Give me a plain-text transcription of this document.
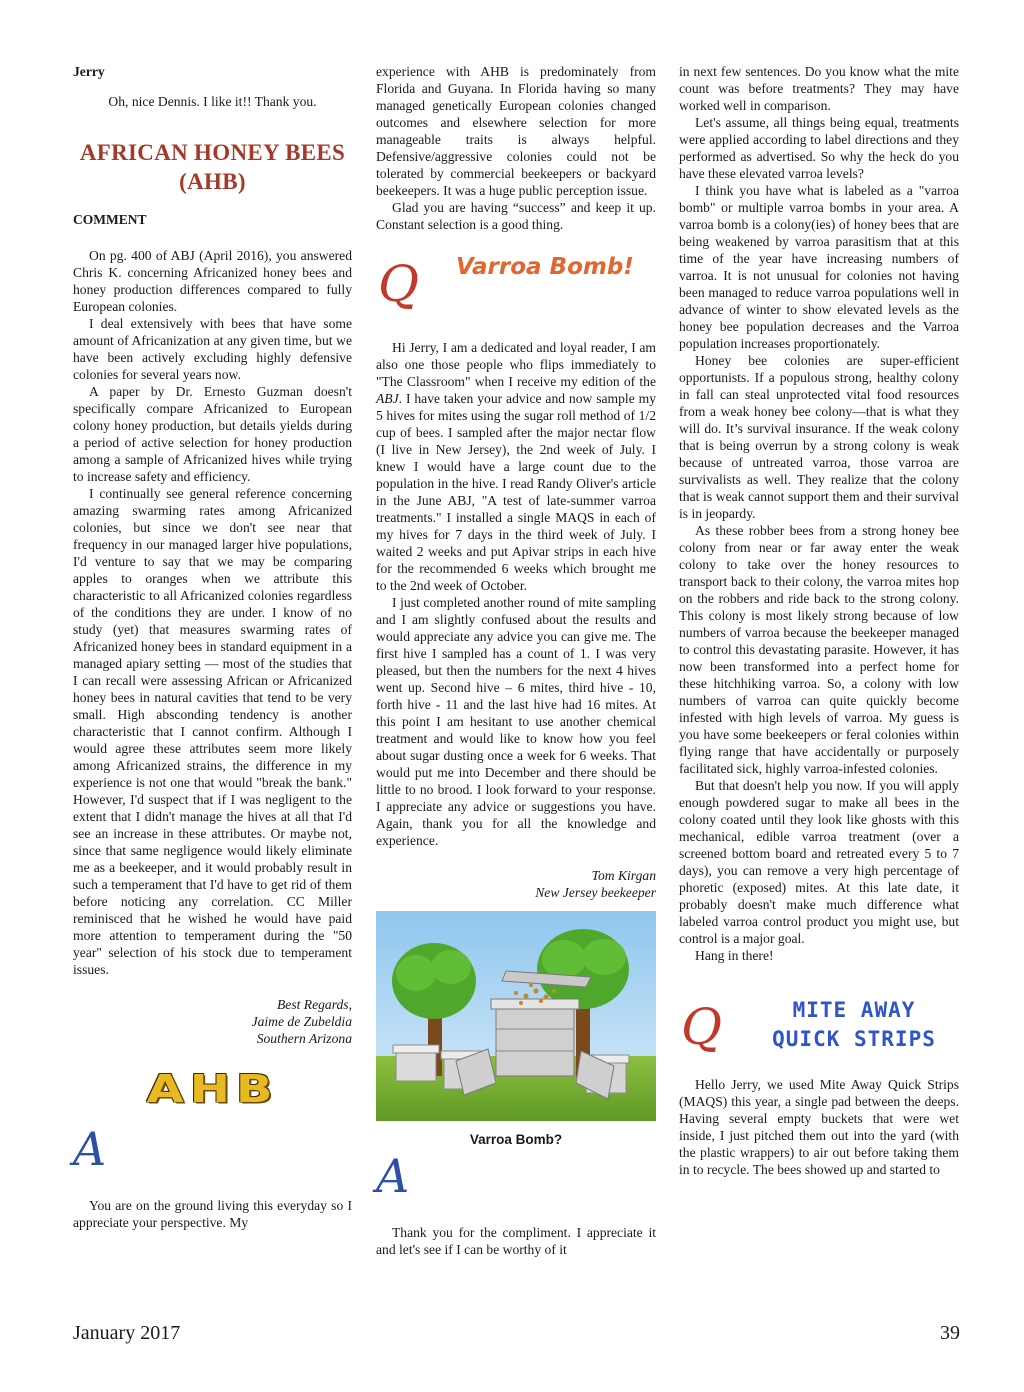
Jerry

Oh, nice Dennis. I like it!! Thank you.

AFRICAN HONEY BEES (AHB)

COMMENT

On pg. 400 of ABJ (April 2016), you answered Chris K. concerning Africanized honey bees and honey production differences compared to fully European colonies.

I deal extensively with bees that have some amount of Africanization at any given time, but we have been actively excluding highly defensive colonies for several years now.

A paper by Dr. Ernesto Guzman doesn't specifically compare Africanized to European colony honey production, but details yields during a period of active selection for honey production among a sample of Africanized hives while trying to increase safety and efficiency.

I continually see general reference concerning amazing swarming rates among Africanized colonies, but since we don't see near that frequency in our managed larger hive populations, I'd venture to say that we may be comparing apples to oranges when we attribute this characteristic to all Africanized colonies regardless of the conditions they are under. I know of no study (yet) that measures swarming rates of Africanized honey bees in standard equipment in a managed apiary setting — most of the studies that I can recall were assessing African or Africanized honey bees in natural cavities that tend to be very small. High absconding tendency is another characteristic that I cannot confirm. Although I would agree these attributes seem more likely among Africanized strains, the difference in my experience is not one that would "break the bank." However, I'd suspect that if I was negligent to the extent that I didn't manage the hives at all that I'd see an increase in these attributes. Or maybe not, since that same negligence would likely eliminate me as a beekeeper, and it would probably result in such a temperament that I'd have to get rid of them before noticing any correlation. CC Miller reminisced that he wished he would have paid more attention to temperament during the "50 year" selection of his stock due to temperament issues.

Best Regards,

Jaime de Zubeldia

Southern Arizona

AHB
A

You are on the ground living this everyday so I appreciate your perspective. My

experience with AHB is predominately from Florida and Guyana. In Florida having so many managed genetically European colonies changed outcomes and elsewhere selection for more manageable traits is always helpful. Defensive/aggressive colonies could not be tolerated by commercial beekeepers or backyard beekeepers. It was a huge public perception issue.

Glad you are having “success” and keep it up. Constant selection is a good thing.

Q Varroa Bomb!

Hi Jerry, I am a dedicated and loyal reader, I am also one those people who flips immediately to "The Classroom" when I receive my edition of the ABJ. I have taken your advice and now sample my 5 hives for mites using the sugar roll method of 1/2 cup of bees. I sampled after the major nectar flow (I live in New Jersey), the 2nd week of July. I knew I would have a large count due to the population in the hive. I read Randy Oliver's article in the June ABJ, "A test of late-summer varroa treatments." I installed a single MAQS in each of my hives for 7 days in the third week of July. I waited 2 weeks and put Apivar strips in each hive for the recommended 6 weeks which brought me to the 2nd week of October.

I just completed another round of mite sampling and I am slightly confused about the results and would appreciate any advice you can give me. The first hive I sampled has a count of 1. I was very pleased, but then the numbers for the next 4 hives went up. Second hive – 6 mites, third hive - 10, forth hive - 11 and the last hive had 16 mites. At this point I am hesitant to use another chemical treatment and would like to know how you feel about sugar dusting once a week for 6 weeks. That would put me into December and there should be little to no brood. I look forward to your response. I appreciate any advice or suggestions you have. Again, thank you for all the knowledge and experience.

Tom Kirgan

New Jersey beekeeper

Varroa Bomb?

A

Thank you for the compliment. I appreciate it and let's see if I can be worthy of it

in next few sentences. Do you know what the mite count was before treatments? They may have worked well in comparison.

Let's assume, all things being equal, treatments were applied according to label directions and they performed as advertised. So why the heck do you have these elevated varroa levels?

I think you have what is labeled as a "varroa bomb" or multiple varroa bombs in your area. A varroa bomb is a colony(ies) of honey bees that are being weakened by varroa parasitism that at this time of the year have increasing numbers of varroa. It is not unusual for colonies not having been managed to reduce varroa populations well in advance of winter to show elevated levels as the honey bee population decreases and the Varroa population increases proportionately.

Honey bee colonies are super-efficient opportunists. If a populous strong, healthy colony in fall can steal unprotected vital food resources from a weak honey bee colony—that is what they will do. It’s survival insurance. If the weak colony that is being overrun by a strong colony is weak because of untreated varroa, those varroa are survivalists as well. They realize that the colony that is weak cannot support them and their survival is in jeopardy.

As these robber bees from a strong honey bee colony from near or far away enter the weak colony to take over the honey resources to transport back to their colony, the varroa mites hop on the robbers and ride back to the strong colony. This colony is most likely strong because of low numbers of varroa because the beekeeper managed to control this devastating parasite. However, it has now been transformed into a perfect home for these hitchhiking varroa. So, a colony with low numbers of varroa can quite quickly become infested with high levels of varroa. My guess is you have some beekeepers or feral colonies within flying range that have accidentally or purposely facilitated sick, highly varroa-infested colonies.

But that doesn't help you now. If you will apply enough powdered sugar to make all bees in the colony coated until they look like ghosts with this mechanical, edible varroa treatment (over a screened bottom board and retreated every 5 to 7 days), you can remove a very high percentage of phoretic (exposed) mites. At this late date, it probably doesn't make much difference what labeled varroa control product you might use, but control is a major goal.

Hang in there!

Q	MITE AWAY
QUICK STRIPS

Hello Jerry, we used Mite Away Quick Strips (MAQS) this year, a single pad between the deeps. Having several empty buckets that were wet inside, I just pitched them out into the yard (with the plastic wrappers) to air out before taking them in to recycle. The bees showed up and started to

January 2017	39
